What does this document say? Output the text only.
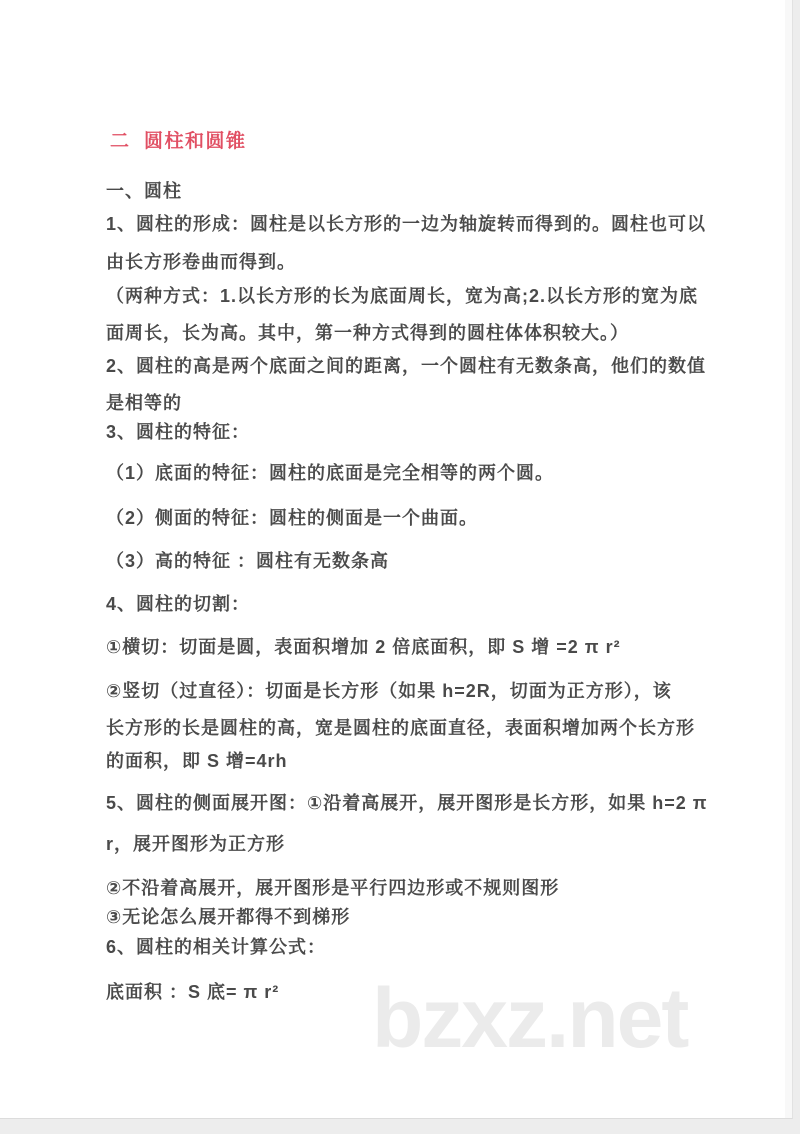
二  圆柱和圆锥
一、圆柱
1、圆柱的形成：圆柱是以长方形的一边为轴旋转而得到的。圆柱也可以
由长方形卷曲而得到。
（两种方式：1.以长方形的长为底面周长，宽为高;2.以长方形的宽为底
面周长，长为高。其中，第一种方式得到的圆柱体体积较大。）
2、圆柱的高是两个底面之间的距离，一个圆柱有无数条高，他们的数值
是相等的
3、圆柱的特征：
（1）底面的特征：圆柱的底面是完全相等的两个圆。
（2）侧面的特征：圆柱的侧面是一个曲面。
（3）高的特征 ：圆柱有无数条高
4、圆柱的切割：
①横切：切面是圆，表面积增加 2 倍底面积，即 S 增 =2 π r²
②竖切（过直径）：切面是长方形（如果 h=2R，切面为正方形），该
长方形的长是圆柱的高，宽是圆柱的底面直径，表面积增加两个长方形
的面积，即 S 增=4rh
5、圆柱的侧面展开图：①沿着高展开，展开图形是长方形，如果 h=2 π
r，展开图形为正方形
②不沿着高展开，展开图形是平行四边形或不规则图形
③无论怎么展开都得不到梯形
6、圆柱的相关计算公式：
底面积 ：S 底= π r²	bzxz.net
